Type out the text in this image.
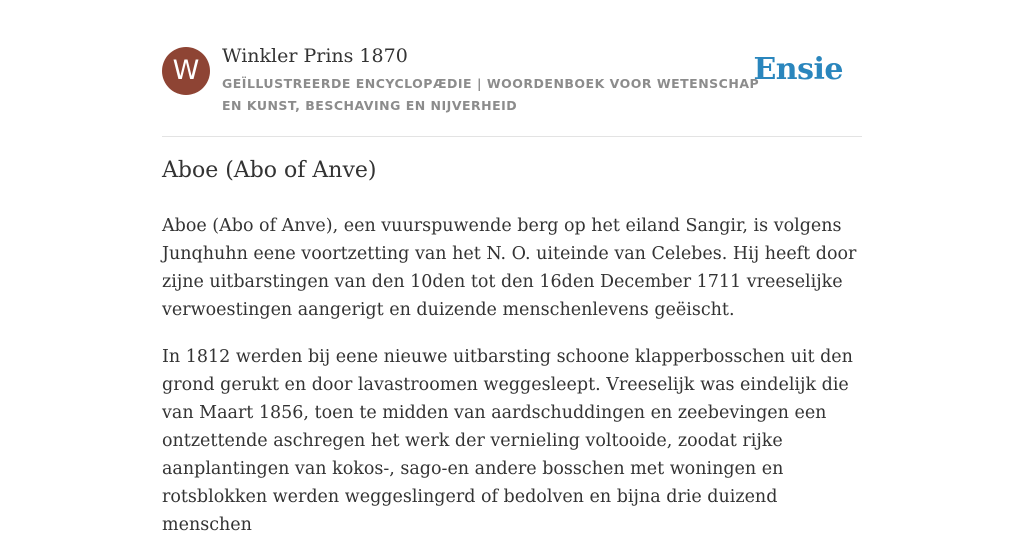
W	Winkler Prins 1870
GEÏLLUSTREERDE ENCYCLOPÆDIE | WOORDENBOEK VOOR WETENSCHAP EN KUNST, BESCHAVING EN NIJVERHEID
Ensie
Aboe (Abo of Anve)

Aboe (Abo of Anve), een vuurspuwende berg op het eiland Sangir, is volgens Junqhuhn eene voortzetting van het N. O. uiteinde van Celebes. Hij heeft door zijne uitbarstingen van den 10den tot den 16den December 1711 vreeselijke verwoestingen aangerigt en duizende menschenlevens geëischt.

In 1812 werden bij eene nieuwe uitbarsting schoone klapperbosschen uit den grond gerukt en door lavastroomen weggesleept. Vreeselijk was eindelijk die van Maart 1856, toen te midden van aardschuddingen en zeebevingen een ontzettende aschregen het werk der vernieling voltooide, zoodat rijke aanplantingen van kokos-, sago-en andere bosschen met woningen en rotsblokken werden weggeslingerd of bedolven en bijna drie duizend menschen
